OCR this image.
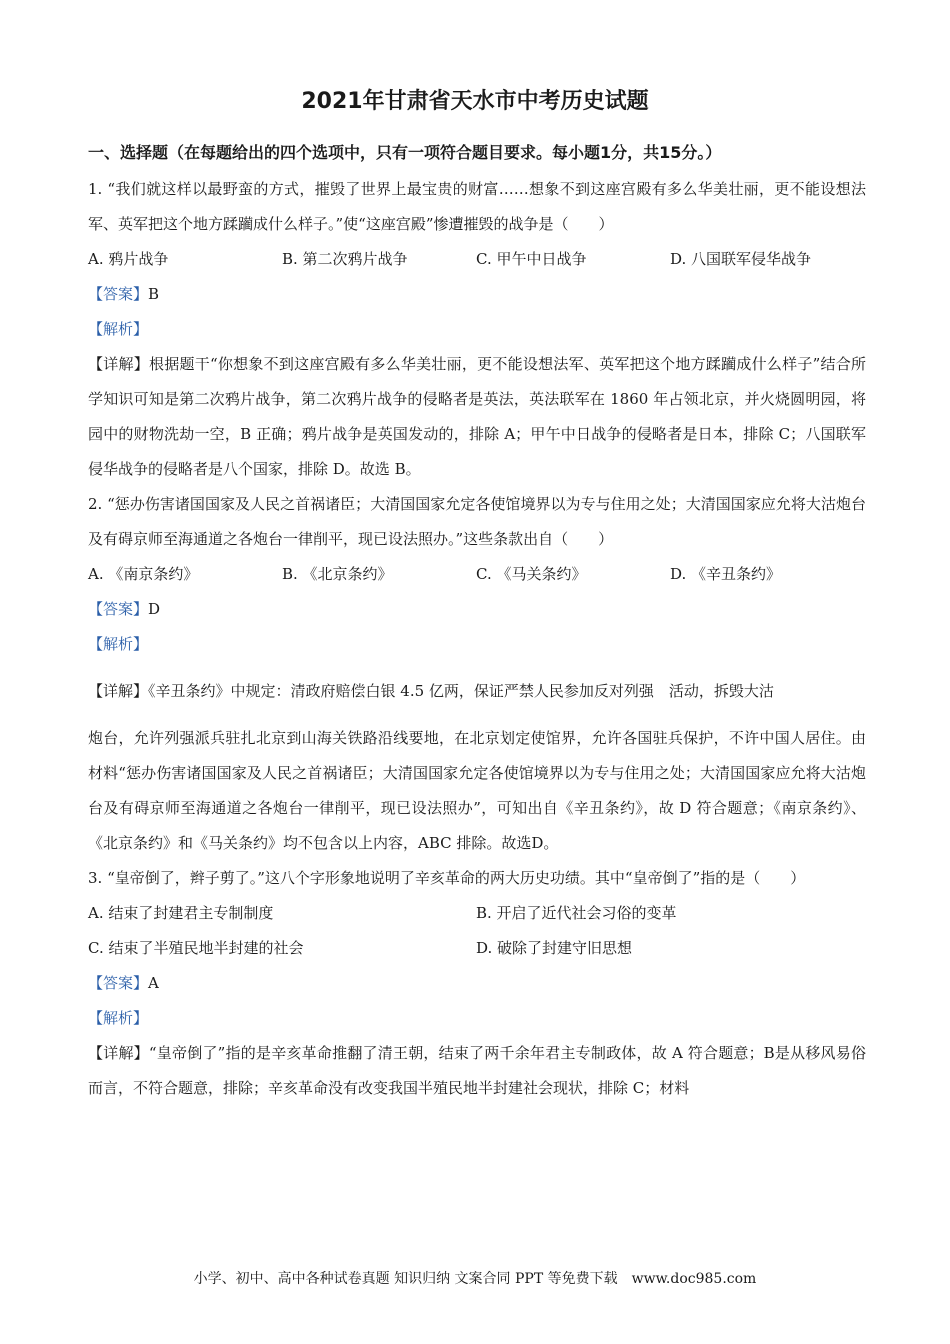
2021年甘肃省天水市中考历史试题
一、选择题（在每题给出的四个选项中，只有一项符合题目要求。每小题1分，共15分。）

1. “我们就这样以最野蛮的方式，摧毁了世界上最宝贵的财富……想象不到这座宫殿有多么华美壮丽，更不能设想法军、英军把这个地方蹂躏成什么样子。”使“这座宫殿”惨遭摧毁的战争是（　　）

A. 鸦片战争	B. 第二次鸦片战争	C. 甲午中日战争	D. 八国联军侵华战争
【答案】B
【解析】

【详解】根据题干“你想象不到这座宫殿有多么华美壮丽，更不能设想法军、英军把这个地方蹂躏成什么样子”结合所学知识可知是第二次鸦片战争，第二次鸦片战争的侵略者是英法，英法联军在 1860 年占领北京，并火烧圆明园，将园中的财物洗劫一空，B 正确；鸦片战争是英国发动的，排除 A；甲午中日战争的侵略者是日本，排除 C；八国联军侵华战争的侵略者是八个国家，排除 D。故选 B。

2. “惩办伤害诸国国家及人民之首祸诸臣；大清国国家允定各使馆境界以为专与住用之处；大清国国家应允将大沽炮台及有碍京师至海通道之各炮台一律削平，现已设法照办。”这些条款出自（　　）

A. 《南京条约》	B. 《北京条约》	C. 《马关条约》	D. 《辛丑条约》
【答案】D
【解析】

【详解】《辛丑条约》中规定：清政府赔偿白银 4.5 亿两，保证严禁人民参加反对列强　活动，拆毁大沽

炮台，允许列强派兵驻扎北京到山海关铁路沿线要地，在北京划定使馆界，允许各国驻兵保护，不许中国人居住。由材料“惩办伤害诸国国家及人民之首祸诸臣；大清国国家允定各使馆境界以为专与住用之处；大清国国家应允将大沽炮台及有碍京师至海通道之各炮台一律削平，现已设法照办”，可知出自《辛丑条约》，故 D 符合题意；《南京条约》、《北京条约》和《马关条约》均不包含以上内容，ABC 排除。故选D。

3. “皇帝倒了，辫子剪了。”这八个字形象地说明了辛亥革命的两大历史功绩。其中“皇帝倒了”指的是（　　）

A. 结束了封建君主专制制度	B. 开启了近代社会习俗的变革
C. 结束了半殖民地半封建的社会	D. 破除了封建守旧思想
【答案】A
【解析】

【详解】“皇帝倒了”指的是辛亥革命推翻了清王朝，结束了两千余年君主专制政体，故 A 符合题意；B是从移风易俗而言，不符合题意，排除；辛亥革命没有改变我国半殖民地半封建社会现状，排除 C；材料

小学、初中、高中各种试卷真题 知识归纳 文案合同 PPT 等免费下载　www.doc985.com
